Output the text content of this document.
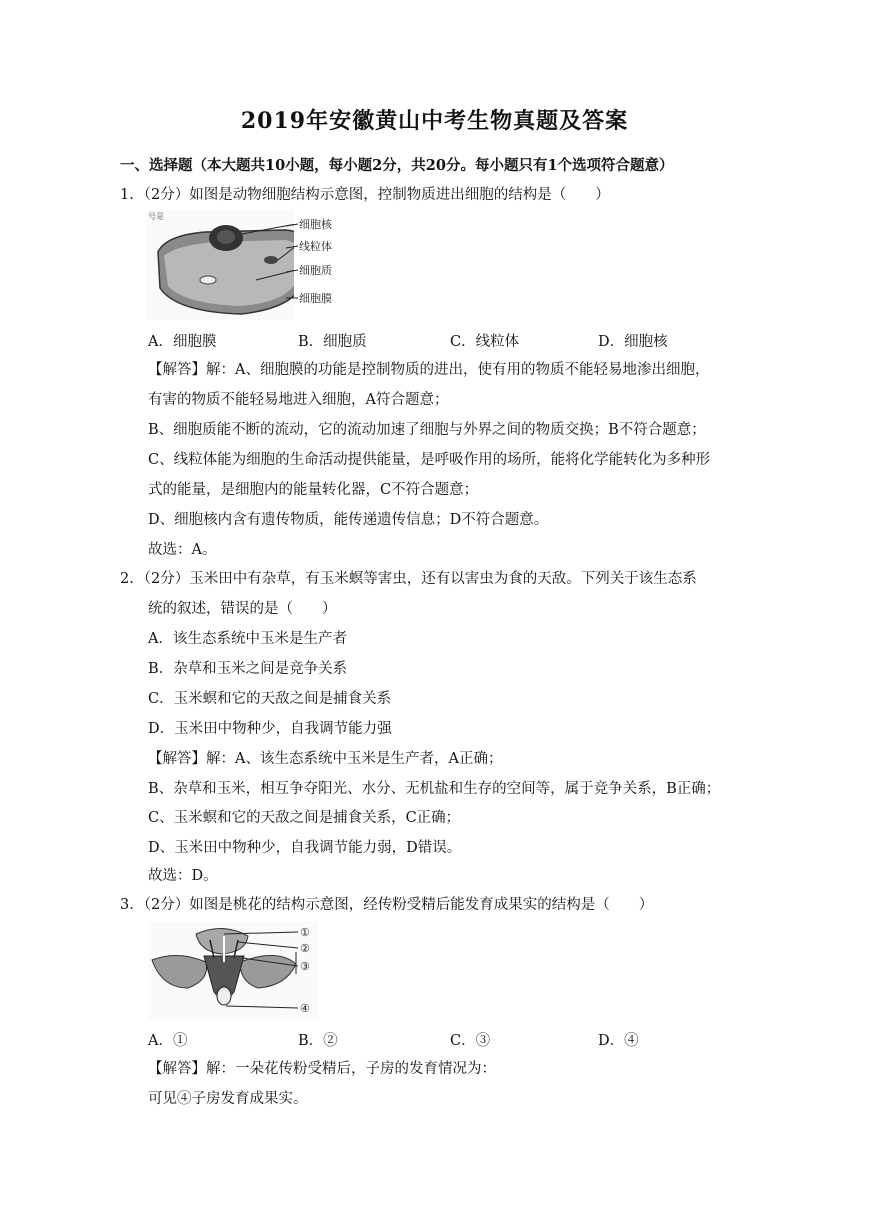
2019年安徽黄山中考生物真题及答案
一、选择题（本大题共10小题，每小题2分，共20分。每小题只有1个选项符合题意）
1．（2分）如图是动物细胞结构示意图，控制物质进出细胞的结构是（　　）
号是
细胞核
线粒体
细胞质
细胞膜
A．细胞膜	B．细胞质	C．线粒体	D．细胞核
【解答】解：A、细胞膜的功能是控制物质的进出，使有用的物质不能轻易地渗出细胞，
有害的物质不能轻易地进入细胞，A符合题意；
B、细胞质能不断的流动，它的流动加速了细胞与外界之间的物质交换；B不符合题意；
C、线粒体能为细胞的生命活动提供能量，是呼吸作用的场所，能将化学能转化为多种形
式的能量，是细胞内的能量转化器，C不符合题意；
D、细胞核内含有遗传物质，能传递遗传信息；D不符合题意。
故选：A。
2．（2分）玉米田中有杂草，有玉米螟等害虫，还有以害虫为食的天敌。下列关于该生态系
统的叙述，错误的是（　　）
A．该生态系统中玉米是生产者
B．杂草和玉米之间是竞争关系
C．玉米螟和它的天敌之间是捕食关系
D．玉米田中物种少，自我调节能力强
【解答】解：A、该生态系统中玉米是生产者，A正确；
B、杂草和玉米，相互争夺阳光、水分、无机盐和生存的空间等，属于竞争关系，B正确；
C、玉米螟和它的天敌之间是捕食关系，C正确；
D、玉米田中物种少，自我调节能力弱，D错误。
故选：D。
3．（2分）如图是桃花的结构示意图，经传粉受精后能发育成果实的结构是（　　）
①
②
③
④
A．①	B．②	C．③	D．④
【解答】解：一朵花传粉受精后，子房的发育情况为：
可见④子房发育成果实。
